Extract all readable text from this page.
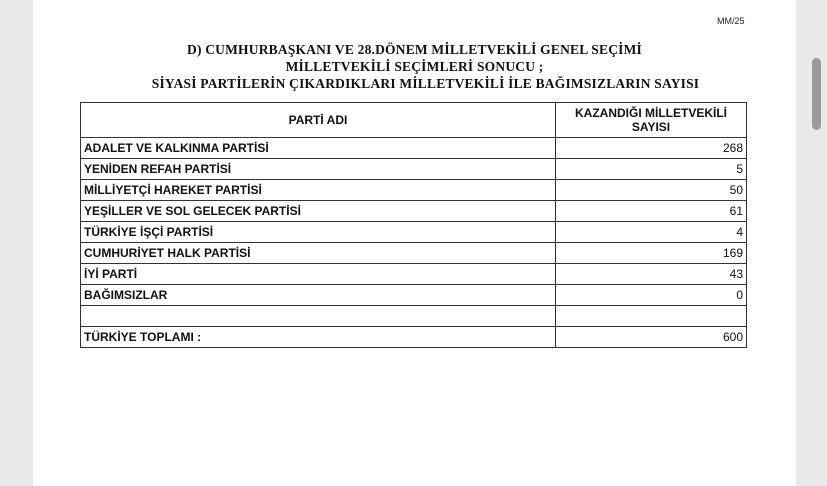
MM/25
D) CUMHURBAŞKANI VE 28.DÖNEM MİLLETVEKİLİ GENEL SEÇİMİ
MİLLETVEKİLİ SEÇİMLERİ SONUCU ;
SİYASİ PARTİLERİN ÇIKARDIKLARI MİLLETVEKİLİ İLE BAĞIMSIZLARIN SAYISI
PARTİ ADI	KAZANDIĞI MİLLETVEKİLİ SAYISI
ADALET VE KALKINMA PARTİSİ	268
YENİDEN REFAH PARTİSİ	5
MİLLİYETÇİ HAREKET PARTİSİ	50
YEŞİLLER VE SOL GELECEK PARTİSİ	61
TÜRKİYE İŞÇİ PARTİSİ	4
CUMHURİYET HALK PARTİSİ	169
İYİ PARTİ	43
BAĞIMSIZLAR	0

TÜRKİYE TOPLAMI :	600
